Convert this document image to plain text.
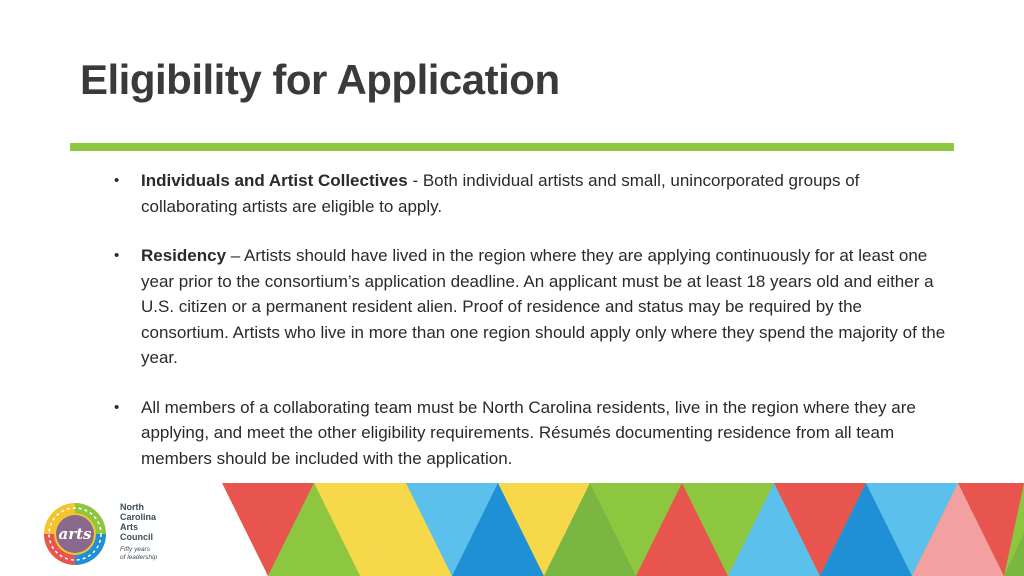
Eligibility for Application
• Individuals and Artist Collectives - Both individual artists and small, unincorporated groups of collaborating artists are eligible to apply.
• Residency – Artists should have lived in the region where they are applying continuously for at least one year prior to the consortium’s application deadline. An applicant must be at least 18 years old and either a U.S. citizen or a permanent resident alien. Proof of residence and status may be required by the consortium. Artists who live in more than one region should apply only where they spend the majority of the year.
• All members of a collaborating team must be North Carolina residents, live in the region where they are applying, and meet the other eligibility requirements. Résumés documenting residence from all team members should be included with the application.
arts
North
Carolina
Arts
Council
Fifty years
of leadership
